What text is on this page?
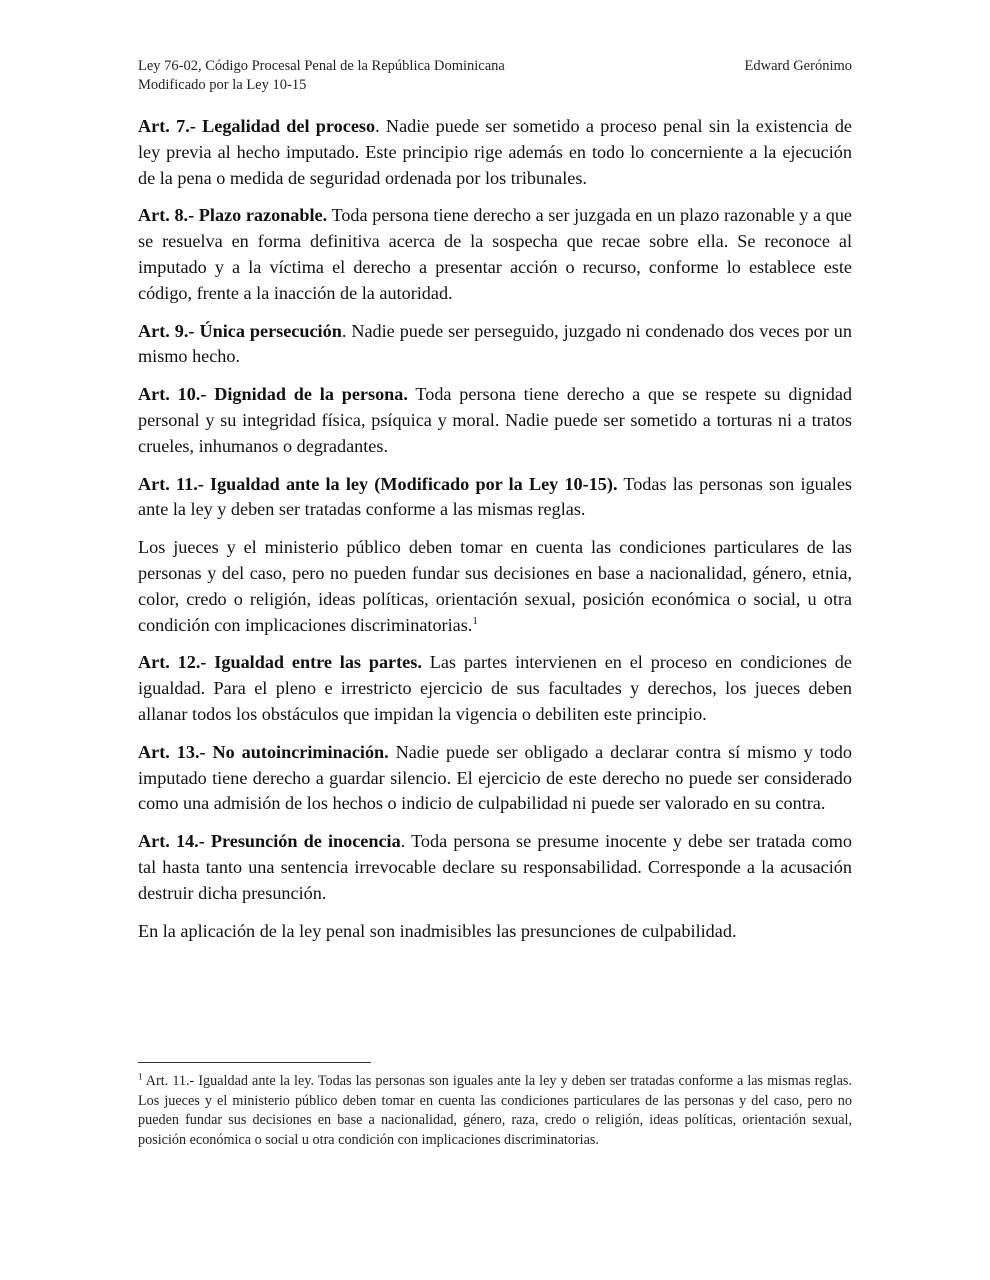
Ley 76-02, Código Procesal Penal de la República Dominicana	Edward Gerónimo
Modificado por la Ley 10-15

Art. 7.- Legalidad del proceso. Nadie puede ser sometido a proceso penal sin la existencia de ley previa al hecho imputado. Este principio rige además en todo lo concerniente a la ejecución de la pena o medida de seguridad ordenada por los tribunales.

Art. 8.- Plazo razonable. Toda persona tiene derecho a ser juzgada en un plazo razonable y a que se resuelva en forma definitiva acerca de la sospecha que recae sobre ella. Se reconoce al imputado y a la víctima el derecho a presentar acción o recurso, conforme lo establece este código, frente a la inacción de la autoridad.

Art. 9.- Única persecución. Nadie puede ser perseguido, juzgado ni condenado dos veces por un mismo hecho.

Art. 10.- Dignidad de la persona. Toda persona tiene derecho a que se respete su dignidad personal y su integridad física, psíquica y moral. Nadie puede ser sometido a torturas ni a tratos crueles, inhumanos o degradantes.

Art. 11.- Igualdad ante la ley (Modificado por la Ley 10-15). Todas las personas son iguales ante la ley y deben ser tratadas conforme a las mismas reglas.

Los jueces y el ministerio público deben tomar en cuenta las condiciones particulares de las personas y del caso, pero no pueden fundar sus decisiones en base a nacionalidad, género, etnia, color, credo o religión, ideas políticas, orientación sexual, posición económica o social, u otra condición con implicaciones discriminatorias.$^1$

Art. 12.- Igualdad entre las partes. Las partes intervienen en el proceso en condiciones de igualdad. Para el pleno e irrestricto ejercicio de sus facultades y derechos, los jueces deben allanar todos los obstáculos que impidan la vigencia o debiliten este principio.

Art. 13.- No autoincriminación. Nadie puede ser obligado a declarar contra sí mismo y todo imputado tiene derecho a guardar silencio. El ejercicio de este derecho no puede ser considerado como una admisión de los hechos o indicio de culpabilidad ni puede ser valorado en su contra.

Art. 14.- Presunción de inocencia. Toda persona se presume inocente y debe ser tratada como tal hasta tanto una sentencia irrevocable declare su responsabilidad. Corresponde a la acusación destruir dicha presunción.

En la aplicación de la ley penal son inadmisibles las presunciones de culpabilidad.

$^1$ Art. 11.- Igualdad ante la ley. Todas las personas son iguales ante la ley y deben ser tratadas conforme a las mismas reglas. Los jueces y el ministerio público deben tomar en cuenta las condiciones particulares de las personas y del caso, pero no pueden fundar sus decisiones en base a nacionalidad, género, raza, credo o religión, ideas políticas, orientación sexual, posición económica o social u otra condición con implicaciones discriminatorias.
